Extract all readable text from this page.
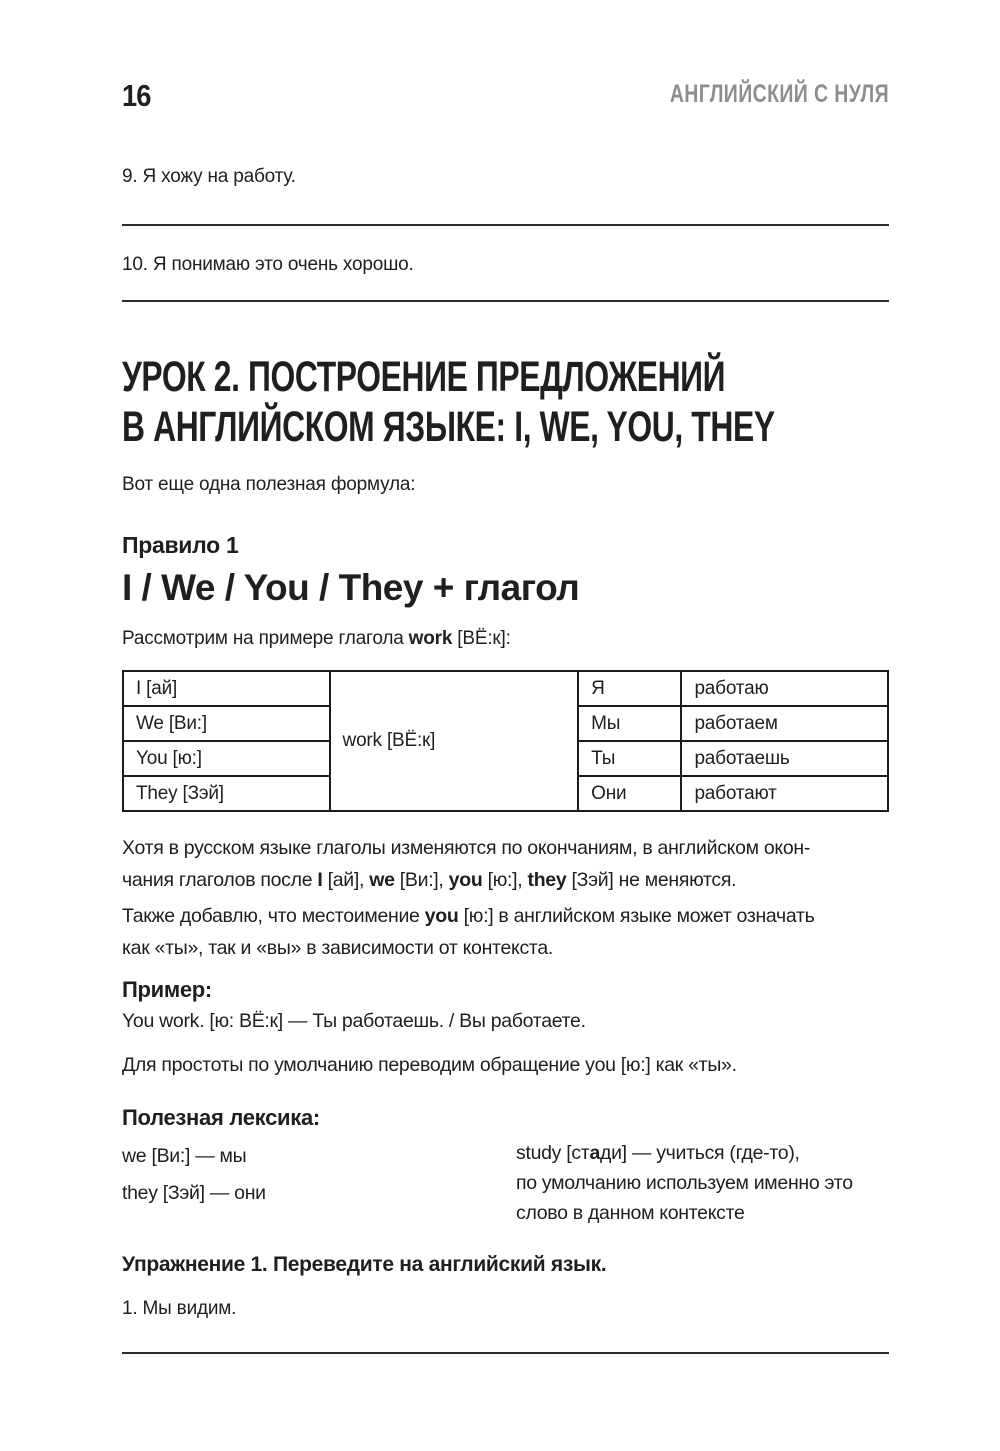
16	АНГЛИЙСКИЙ С НУЛЯ
9. Я хожу на работу.
10. Я понимаю это очень хорошо.
УРОК 2. ПОСТРОЕНИЕ ПРЕДЛОЖЕНИЙ
В АНГЛИЙСКОМ ЯЗЫКЕ: I, WE, YOU, THEY
Вот еще одна полезная формула:
Правило 1
I / We / You / They + глагол
Рассмотрим на примере глагола work [ВЁ:к]:
I [ай]	work [ВЁ:к]	Я	работаю
We [Ви:]		Мы	работаем
You [ю:]		Ты	работаешь
They [Зэй]		Они	работают
Хотя в русском языке глаголы изменяются по окончаниям, в английском окон-
чания глаголов после I [ай], we [Ви:], you [ю:], they [Зэй] не меняются.
Также добавлю, что местоимение you [ю:] в английском языке может означать
как «ты», так и «вы» в зависимости от контекста.
Пример:
You work. [ю: ВЁ:к] — Ты работаешь. / Вы работаете.
Для простоты по умолчанию переводим обращение you [ю:] как «ты».
Полезная лексика:
we [Ви:] — мы
they [Зэй] — они
study [стади] — учиться (где-то),
по умолчанию используем именно это
слово в данном контексте
Упражнение 1. Переведите на английский язык.
1. Мы видим.
